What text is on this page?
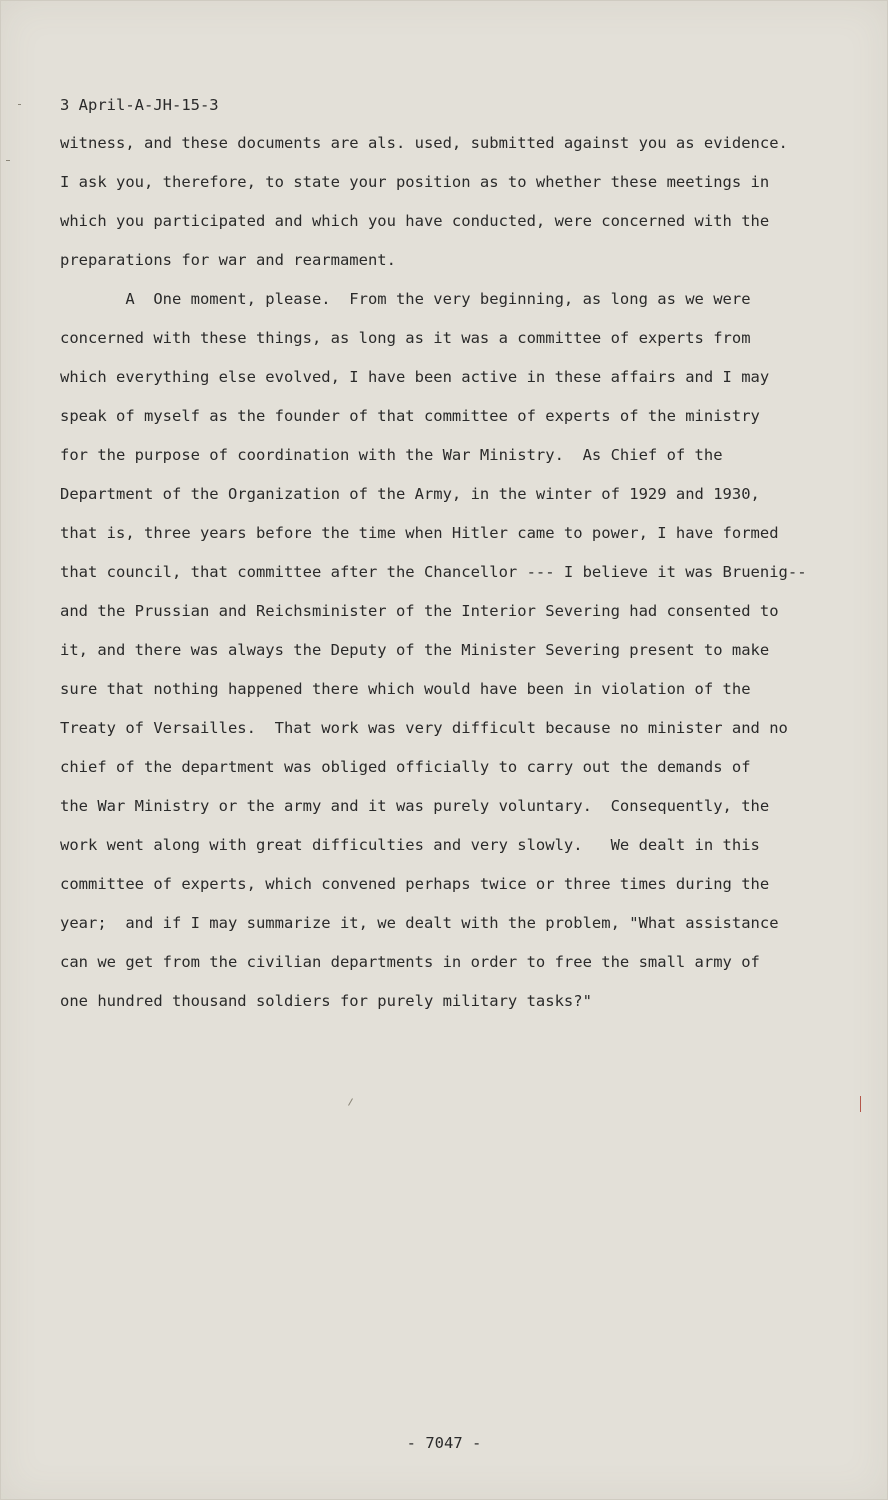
3 April-A-JH-15-3
witness, and these documents are als. used, submitted against you as evidence.
I ask you, therefore, to state your position as to whether these meetings in
which you participated and which you have conducted, were concerned with the
preparations for war and rearmament.
A  One moment, please.  From the very beginning, as long as we were
concerned with these things, as long as it was a committee of experts from
which everything else evolved, I have been active in these affairs and I may
speak of myself as the founder of that committee of experts of the ministry
for the purpose of coordination with the War Ministry.  As Chief of the
Department of the Organization of the Army, in the winter of 1929 and 1930,
that is, three years before the time when Hitler came to power, I have formed
that council, that committee after the Chancellor --- I believe it was Bruenig--
and the Prussian and Reichsminister of the Interior Severing had consented to
it, and there was always the Deputy of the Minister Severing present to make
sure that nothing happened there which would have been in violation of the
Treaty of Versailles.  That work was very difficult because no minister and no
chief of the department was obliged officially to carry out the demands of
the War Ministry or the army and it was purely voluntary.  Consequently, the
work went along with great difficulties and very slowly.   We dealt in this
committee of experts, which convened perhaps twice or three times during the
year;  and if I may summarize it, we dealt with the problem, "What assistance
can we get from the civilian departments in order to free the small army of
one hundred thousand soldiers for purely military tasks?"
- 7047 -
